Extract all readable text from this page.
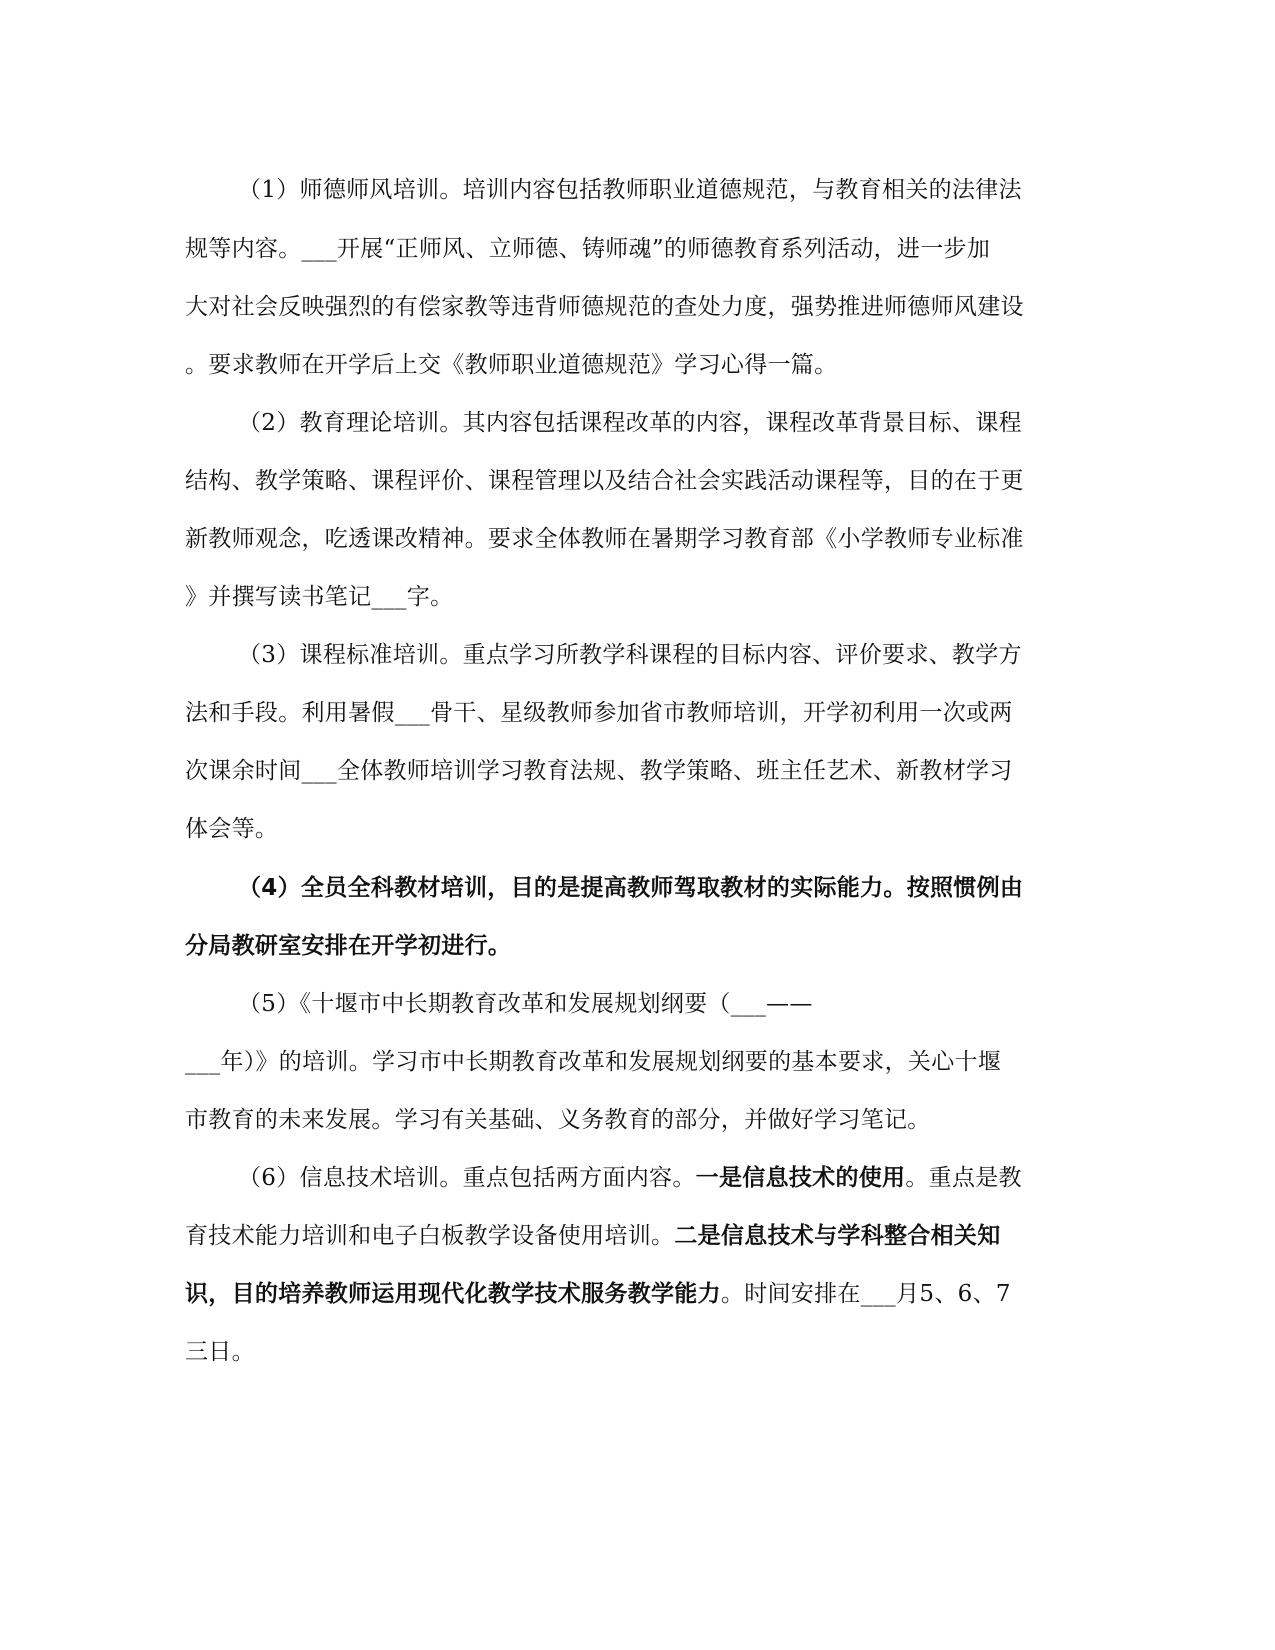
（1）师德师风培训。培训内容包括教师职业道德规范，与教育相关的法律法

规等内容。___开展“正师风、立师德、铸师魂”的师德教育系列活动，进一步加

大对社会反映强烈的有偿家教等违背师德规范的查处力度，强势推进师德师风建设

。要求教师在开学后上交《教师职业道德规范》学习心得一篇。

（2）教育理论培训。其内容包括课程改革的内容，课程改革背景目标、课程

结构、教学策略、课程评价、课程管理以及结合社会实践活动课程等，目的在于更

新教师观念，吃透课改精神。要求全体教师在暑期学习教育部《小学教师专业标准

》并撰写读书笔记___字。

（3）课程标准培训。重点学习所教学科课程的目标内容、评价要求、教学方

法和手段。利用暑假___骨干、星级教师参加省市教师培训，开学初利用一次或两

次课余时间___全体教师培训学习教育法规、教学策略、班主任艺术、新教材学习

体会等。

（4）全员全科教材培训，目的是提高教师驾取教材的实际能力。按照惯例由

分局教研室安排在开学初进行。

（5）《十堰市中长期教育改革和发展规划纲要（___——

___年）》的培训。学习市中长期教育改革和发展规划纲要的基本要求，关心十堰

市教育的未来发展。学习有关基础、义务教育的部分，并做好学习笔记。

（6）信息技术培训。重点包括两方面内容。一是信息技术的使用。重点是教

育技术能力培训和电子白板教学设备使用培训。二是信息技术与学科整合相关知

识，目的培养教师运用现代化教学技术服务教学能力。时间安排在___月5、6、7

三日。
